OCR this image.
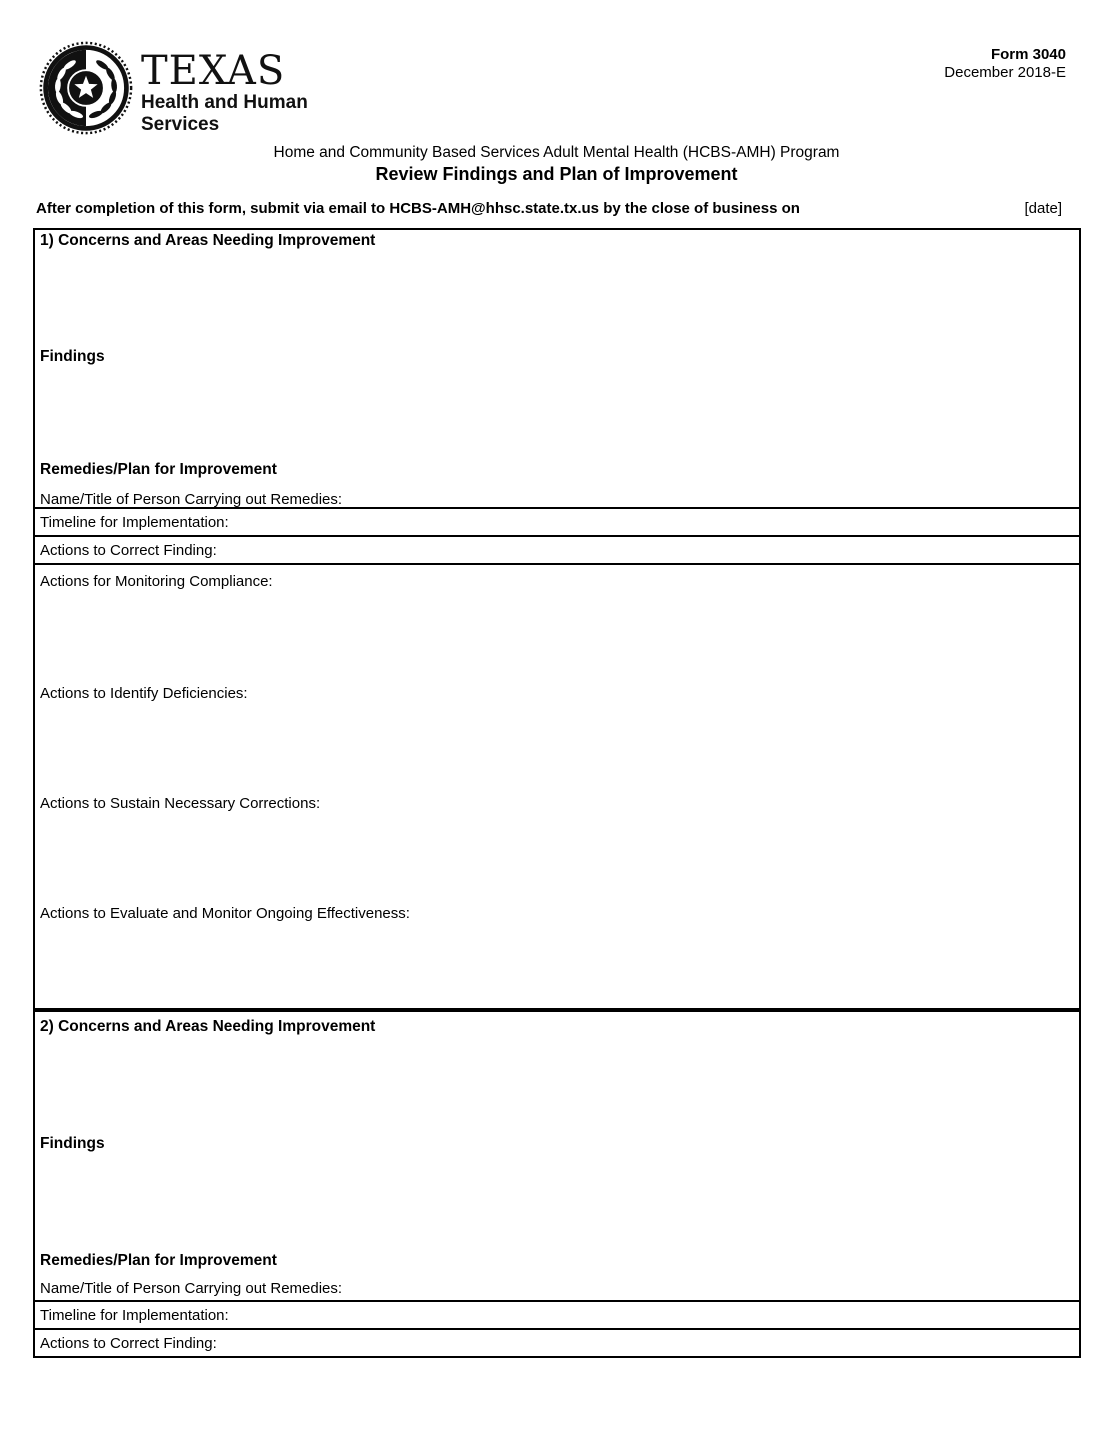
TEXAS
Health and Human
Services
Form 3040
December 2018-E
Home and Community Based Services Adult Mental Health (HCBS-AMH) Program
Review Findings and Plan of Improvement
After completion of this form, submit via email to HCBS-AMH@hhsc.state.tx.us by the close of business on	[date]
1) Concerns and Areas Needing Improvement
Findings
Remedies/Plan for Improvement
Name/Title of Person Carrying out Remedies:
Timeline for Implementation:
Actions to Correct Finding:
Actions for Monitoring Compliance:
Actions to Identify Deficiencies:
Actions to Sustain Necessary Corrections:
Actions to Evaluate and Monitor Ongoing Effectiveness:
2) Concerns and Areas Needing Improvement
Findings
Remedies/Plan for Improvement
Name/Title of Person Carrying out Remedies:
Timeline for Implementation:
Actions to Correct Finding:
